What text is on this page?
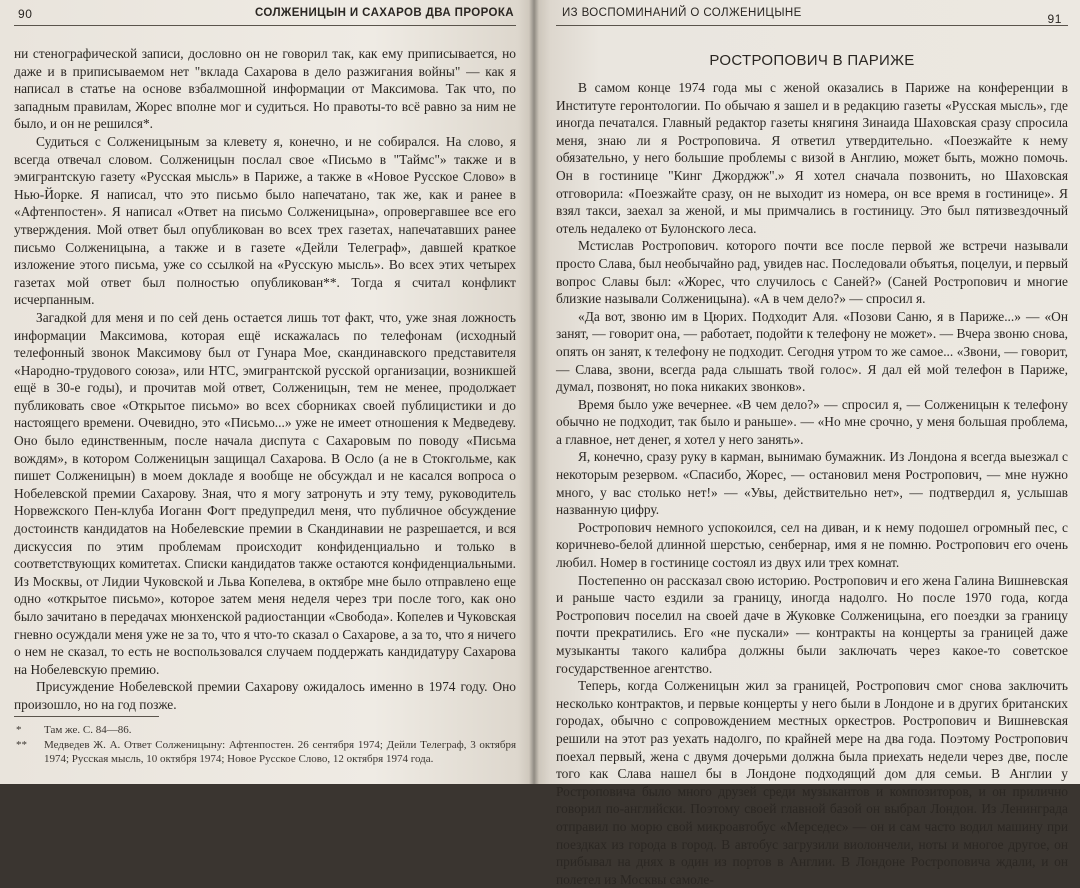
90	СОЛЖЕНИЦЫН И САХАРОВ ДВА ПРОРОКА

ни стенографической записи, дословно он не говорил так, как ему приписывается, но даже и в приписываемом нет "вклада Сахарова в дело разжигания войны" — как я написал в статье на основе взбалмошной информации от Максимова. Так что, по западным правилам, Жорес вполне мог и судиться. Но правоты-то всё равно за ним не было, и он не решился*.

Судиться с Солженицыным за клевету я, конечно, и не собирался. На слово, я всегда отвечал словом. Солженицын послал свое «Письмо в "Таймс"» также и в эмигрантскую газету «Русская мысль» в Париже, а также в «Новое Русское Слово» в Нью-Йорке. Я написал, что это письмо было напечатано, так же, как и ранее в «Афтенпостен». Я написал «Ответ на письмо Солженицына», опровергавшее все его утверждения. Мой ответ был опубликован во всех трех газетах, напечатавших ранее письмо Солженицына, а также и в газете «Дейли Телеграф», давшей краткое изложение этого письма, уже со ссылкой на «Русскую мысль». Во всех этих четырех газетах мой ответ был полностью опубликован**. Тогда я считал конфликт исчерпанным.

Загадкой для меня и по сей день остается лишь тот факт, что, уже зная ложность информации Максимова, которая ещё искажалась по телефонам (исходный телефонный звонок Максимову был от Гунара Мое, скандинавского представителя «Народно-трудового союза», или НТС, эмигрантской русской организации, возникшей ещё в 30-е годы), и прочитав мой ответ, Солженицын, тем не менее, продолжает публиковать свое «Открытое письмо» во всех сборниках своей публицистики и до настоящего времени. Очевидно, это «Письмо...» уже не имеет отношения к Медведеву. Оно было единственным, после начала диспута с Сахаровым по поводу «Письма вождям», в котором Солженицын защищал Сахарова. В Осло (а не в Стокгольме, как пишет Солженицын) в моем докладе я вообще не обсуждал и не касался вопроса о Нобелевской премии Сахарову. Зная, что я могу затронуть и эту тему, руководитель Норвежского Пен-клуба Иоганн Фогт предупредил меня, что публичное обсуждение достоинств кандидатов на Нобелевские премии в Скандинавии не разрешается, и вся дискуссия по этим проблемам происходит конфиденциально и только в соответствующих комитетах. Списки кандидатов также остаются конфиденциальными. Из Москвы, от Лидии Чуковской и Льва Копелева, в октябре мне было отправлено еще одно «открытое письмо», которое затем меня неделя через три после того, как оно было зачитано в передачах мюнхенской радиостанции «Свобода». Копелев и Чуковская гневно осуждали меня уже не за то, что я что-то сказал о Сахарове, а за то, что я ничего о нем не сказал, то есть не воспользовался случаем поддержать кандидатуру Сахарова на Нобелевскую премию.

Присуждение Нобелевской премии Сахарову ожидалось именно в 1974 году. Оно произошло, но на год позже.

* Там же. С. 84—86.
** Медведев Ж. А. Ответ Солженицыну: Афтенпостен. 26 сентября 1974; Дейли Телеграф, 3 октября 1974; Русская мысль, 10 октября 1974; Новое Русское Слово, 12 октября 1974 года.
ИЗ ВОСПОМИНАНИЙ О СОЛЖЕНИЦЫНЕ	91
РОСТРОПОВИЧ В ПАРИЖЕ

В самом конце 1974 года мы с женой оказались в Париже на конференции в Институте геронтологии. По обычаю я зашел и в редакцию газеты «Русская мысль», где иногда печатался. Главный редактор газеты княгиня Зинаида Шаховская сразу спросила меня, знаю ли я Ростроповича. Я ответил утвердительно. «Поезжайте к нему обязательно, у него большие проблемы с визой в Англию, может быть, можно помочь. Он в гостинице "Кинг Джорджж".» Я хотел сначала позвонить, но Шаховская отговорила: «Поезжайте сразу, он не выходит из номера, он все время в гостинице». Я взял такси, заехал за женой, и мы примчались в гостиницу. Это был пятизвездочный отель недалеко от Булонского леса.

Мстислав Ростропович. которого почти все после первой же встречи называли просто Слава, был необычайно рад, увидев нас. Последовали объятья, поцелуи, и первый вопрос Славы был: «Жорес, что случилось с Саней?» (Саней Ростропович и многие близкие называли Солженицына). «А в чем дело?» — спросил я.

«Да вот, звоню им в Цюрих. Подходит Аля. «Позови Саню, я в Париже...» — «Он занят, — говорит она, — работает, подойти к телефону не может». — Вчера звоню снова, опять он занят, к телефону не подходит. Сегодня утром то же самое... «Звони, — говорит, — Слава, звони, всегда рада слышать твой голос». Я дал ей мой телефон в Париже, думал, позвонят, но пока никаких звонков».

Время было уже вечернее. «В чем дело?» — спросил я, — Солженицын к телефону обычно не подходит, так было и раньше». — «Но мне срочно, у меня большая проблема, а главное, нет денег, я хотел у него занять».

Я, конечно, сразу руку в карман, вынимаю бумажник. Из Лондона я всегда выезжал с некоторым резервом. «Спасибо, Жорес, — остановил меня Ростропович, — мне нужно много, у вас столько нет!» — «Увы, действительно нет», — подтвердил я, услышав названную цифру.

Ростропович немного успокоился, сел на диван, и к нему подошел огромный пес, с коричнево-белой длинной шерстью, сенбернар, имя я не помню. Ростропович его очень любил. Номер в гостинице состоял из двух или трех комнат.

Постепенно он рассказал свою историю. Ростропович и его жена Галина Вишневская и раньше часто ездили за границу, иногда надолго. Но после 1970 года, когда Ростропович поселил на своей даче в Жуковке Солженицына, его поездки за границу почти прекратились. Его «не пускали» — контракты на концерты за границей даже музыканты такого калибра должны были заключать через какое-то советское государственное агентство.

Теперь, когда Солженицын жил за границей, Ростропович смог снова заключить несколько контрактов, и первые концерты у него были в Лондоне и в других британских городах, обычно с сопровождением местных оркестров. Ростропович и Вишневская решили на этот раз уехать надолго, по крайней мере на два года. Поэтому Ростропович поехал первый, жена с двумя дочерьми должна была приехать недели через две, после того как Слава нашел бы в Лондоне подходящий дом для семьи. В Англии у Ростроповича было много друзей среди музыкантов и композиторов, и он прилично говорил по-английски. Поэтому своей главной базой он выбрал Лондон. Из Ленинграда отправил по морю свой микроавтобус «Мерседес» — он и сам часто водил машину при поездках из города в город. В автобус загрузили виолончели, ноты и многое другое, он прибывал на днях в один из портов в Англии. В Лондоне Ростроповича ждали, и он полетел из Москвы самоле-
